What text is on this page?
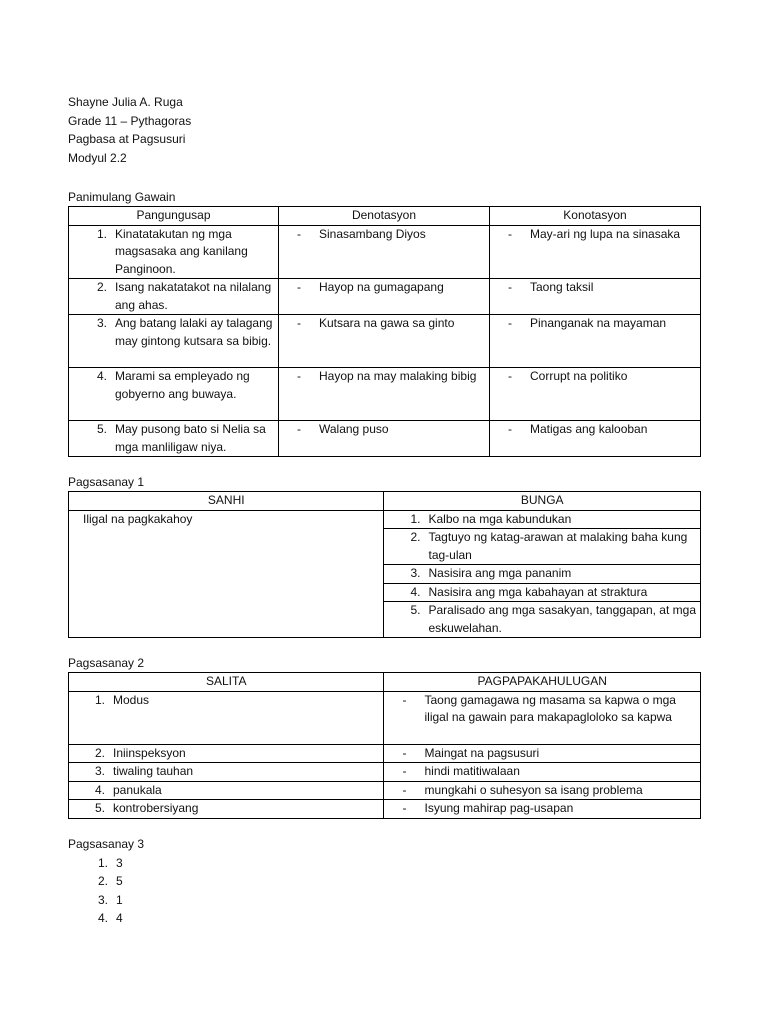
Shayne Julia A. Ruga
Grade 11 – Pythagoras
Pagbasa at Pagsusuri
Modyul 2.2
Panimulang Gawain
Pangungusap	Denotasyon	Konotasyon

1. Kinatatakutan ng mga magsasaka ang kanilang Panginoon.	- Sinasambang Diyos	- May-ari ng lupa na sinasaka

2. Isang nakatatakot na nilalang ang ahas.	- Hayop na gumagapang	- Taong taksil

3. Ang batang lalaki ay talagang may gintong kutsara sa bibig.	- Kutsara na gawa sa ginto	- Pinanganak na mayaman

4. Marami sa empleyado ng gobyerno ang buwaya.	- Hayop na may malaking bibig	- Corrupt na politiko

5. May pusong bato si Nelia sa mga manliligaw niya.	- Walang puso	- Matigas ang kalooban
Pagsasanay 1
SANHI	BUNGA

Iligal na pagkakahoy	1. Kalbo na mga kabundukan

	2. Tagtuyo ng katag-arawan at malaking baha kung tag-ulan

	3. Nasisira ang mga pananim

	4. Nasisira ang mga kabahayan at straktura

	5. Paralisado ang mga sasakyan, tanggapan, at mga eskuwelahan.
Pagsasanay 2
SALITA	PAGPAPAKAHULUGAN

1. Modus	- Taong gamagawa ng masama sa kapwa o mga iligal na gawain para makapagloloko sa kapwa

2. Iniinspeksyon	- Maingat na pagsusuri

3. tiwaling tauhan	- hindi matitiwalaan

4. panukala	- mungkahi o suhesyon sa isang problema

5. kontrobersiyang	- Isyung mahirap pag-usapan
Pagsasanay 3
1. 3
2. 5
3. 1
4. 4
